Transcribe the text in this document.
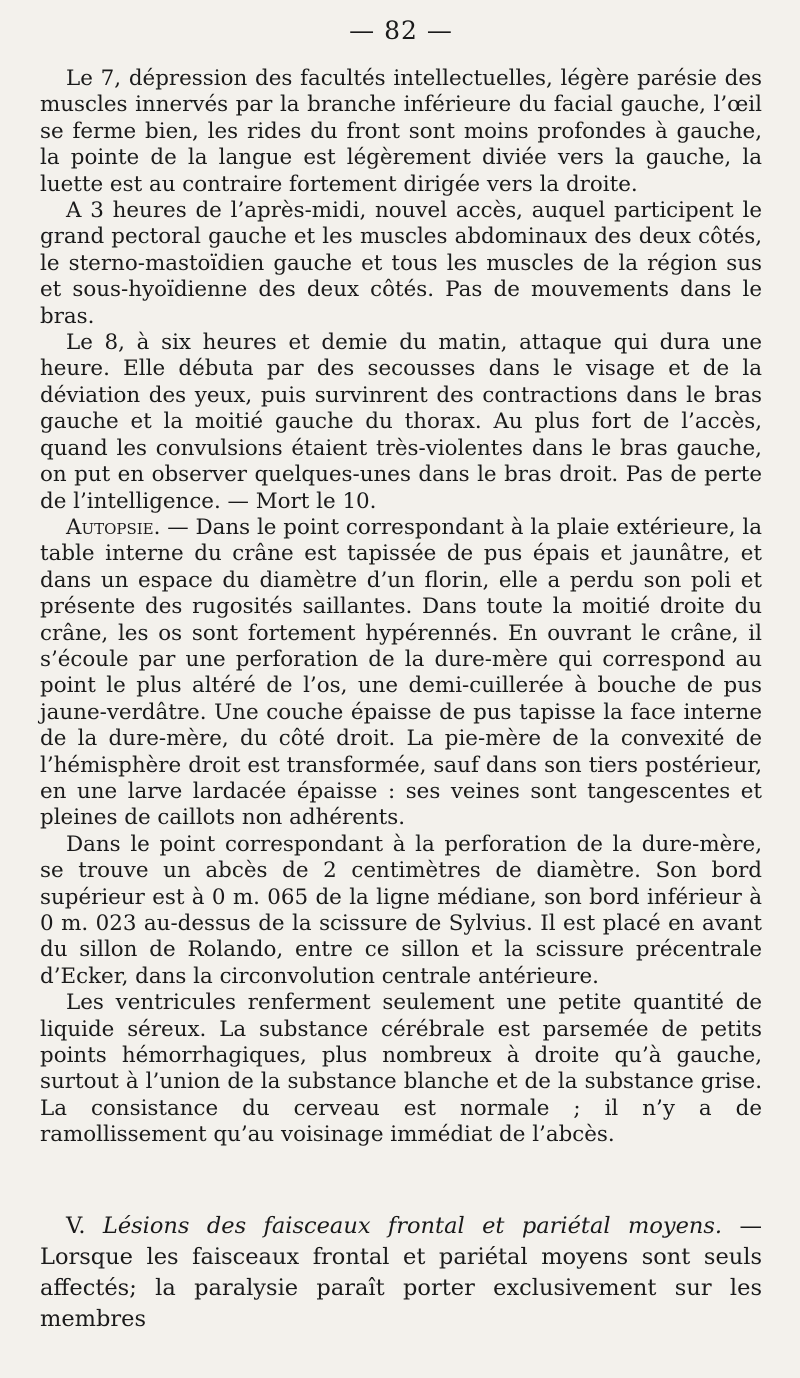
— 82 —

Le 7, dépression des facultés intellectuelles, légère parésie des muscles innervés par la branche inférieure du facial gauche, l’œil se ferme bien, les rides du front sont moins profondes à gauche, la pointe de la langue est légèrement diviée vers la gauche, la luette est au contraire fortement dirigée vers la droite.

A 3 heures de l’après-midi, nouvel accès, auquel participent le grand pectoral gauche et les muscles abdominaux des deux côtés, le sterno-mastoïdien gauche et tous les muscles de la région sus et sous-hyoïdienne des deux côtés. Pas de mouvements dans le bras.

Le 8, à six heures et demie du matin, attaque qui dura une heure. Elle débuta par des secousses dans le visage et de la déviation des yeux, puis survinrent des contractions dans le bras gauche et la moitié gauche du thorax. Au plus fort de l’accès, quand les convulsions étaient très-violentes dans le bras gauche, on put en observer quelques-unes dans le bras droit. Pas de perte de l’intelligence. — Mort le 10.

Autopsie. — Dans le point correspondant à la plaie extérieure, la table interne du crâne est tapissée de pus épais et jaunâtre, et dans un espace du diamètre d’un florin, elle a perdu son poli et présente des rugosités saillantes. Dans toute la moitié droite du crâne, les os sont fortement hypérennés. En ouvrant le crâne, il s’écoule par une perforation de la dure-mère qui correspond au point le plus altéré de l’os, une demi-cuillerée à bouche de pus jaune-verdâtre. Une couche épaisse de pus tapisse la face interne de la dure-mère, du côté droit. La pie-mère de la convexité de l’hémisphère droit est transformée, sauf dans son tiers postérieur, en une larve lardacée épaisse : ses veines sont tangescentes et pleines de caillots non adhérents.

Dans le point correspondant à la perforation de la dure-mère, se trouve un abcès de 2 centimètres de diamètre. Son bord supérieur est à 0 m. 065 de la ligne médiane, son bord inférieur à 0 m. 023 au-dessus de la scissure de Sylvius. Il est placé en avant du sillon de Rolando, entre ce sillon et la scissure précentrale d’Ecker, dans la circonvolution centrale antérieure.

Les ventricules renferment seulement une petite quantité de liquide séreux. La substance cérébrale est parsemée de petits points hémorrhagiques, plus nombreux à droite qu’à gauche, surtout à l’union de la substance blanche et de la substance grise. La consistance du cerveau est normale ; il n’y a de ramollissement qu’au voisinage immédiat de l’abcès.

V. Lésions des faisceaux frontal et pariétal moyens. — Lorsque les faisceaux frontal et pariétal moyens sont seuls affectés; la paralysie paraît porter exclusivement sur les membres
